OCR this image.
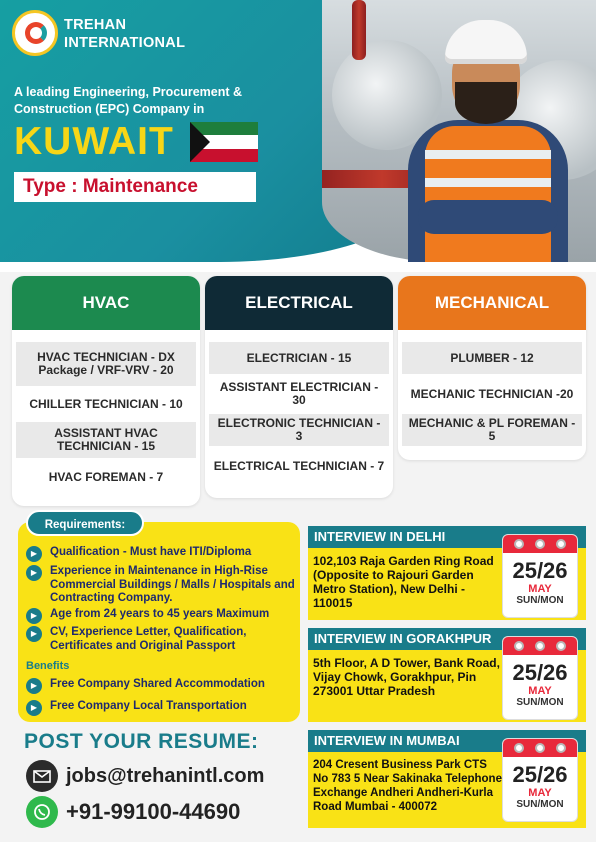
TREHAN
INTERNATIONAL
A leading Engineering, Procurement & Construction (EPC) Company in
KUWAIT
Type : Maintenance
HVAC
HVAC TECHNICIAN - DX Package / VRF-VRV - 20
CHILLER TECHNICIAN - 10
ASSISTANT HVAC TECHNICIAN - 15
HVAC FOREMAN - 7
ELECTRICAL
ELECTRICIAN - 15
ASSISTANT ELECTRICIAN - 30
ELECTRONIC TECHNICIAN - 3
ELECTRICAL TECHNICIAN - 7
MECHANICAL
PLUMBER - 12
MECHANIC TECHNICIAN -20
MECHANIC & PL FOREMAN - 5
Requirements:
▶	Qualification - Must have ITI/Diploma
▶	Experience in Maintenance in High-Rise Commercial Buildings / Malls / Hospitals and Contracting Company.
▶	Age from 24 years to 45 years Maximum
▶	CV, Experience Letter, Qualification, Certificates and Original Passport
Benefits
▶	Free Company Shared Accommodation
▶	Free Company Local Transportation
INTERVIEW IN DELHI
102,103 Raja Garden Ring Road (Opposite to Rajouri Garden Metro Station), New Delhi - 110015
25/26
MAY
SUN/MON
INTERVIEW IN GORAKHPUR
5th Floor, A D Tower, Bank Road, Vijay Chowk, Gorakhpur, Pin 273001 Uttar Pradesh
25/26
MAY
SUN/MON
INTERVIEW IN MUMBAI
204 Cresent Business Park CTS No 783 5 Near Sakinaka Telephone Exchange Andheri Andheri-Kurla Road Mumbai - 400072
25/26
MAY
SUN/MON
POST YOUR RESUME:
jobs@trehanintl.com
+91-99100-44690
